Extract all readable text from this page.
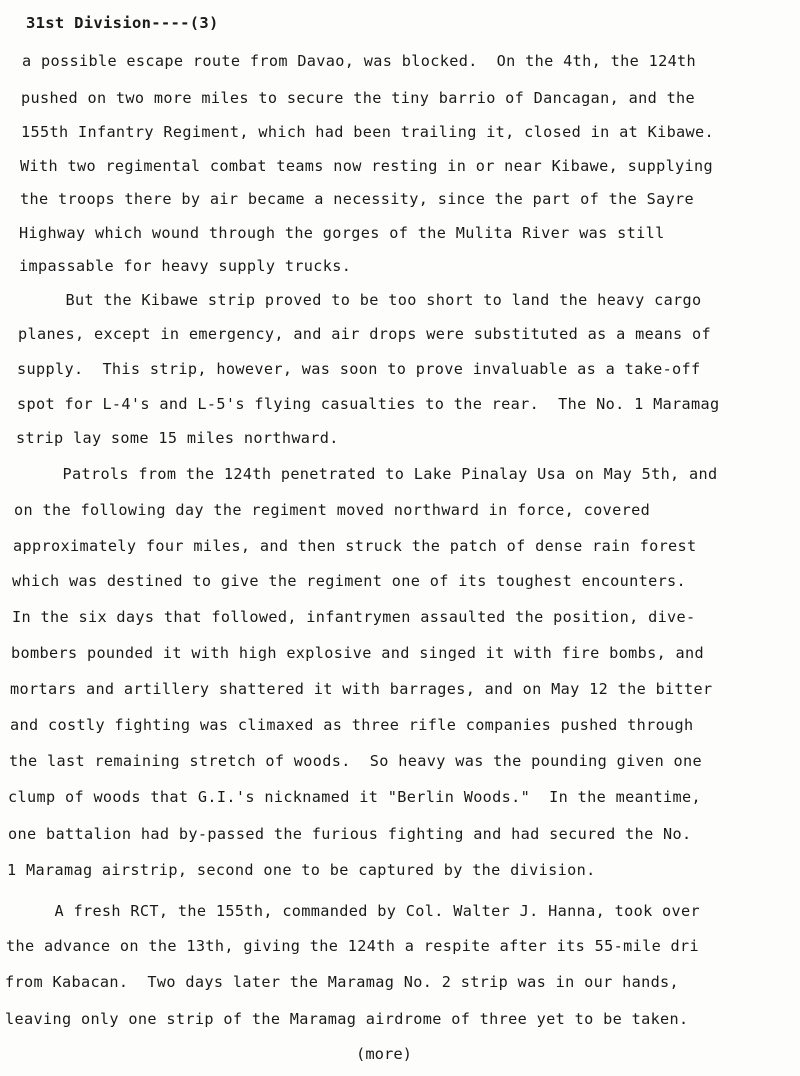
31st Division----(3)
a possible escape route from Davao, was blocked.  On the 4th, the 124th
pushed on two more miles to secure the tiny barrio of Dancagan, and the
155th Infantry Regiment, which had been trailing it, closed in at Kibawe.
With two regimental combat teams now resting in or near Kibawe, supplying
the troops there by air became a necessity, since the part of the Sayre
Highway which wound through the gorges of the Mulita River was still
impassable for heavy supply trucks.
But the Kibawe strip proved to be too short to land the heavy cargo
planes, except in emergency, and air drops were substituted as a means of
supply.  This strip, however, was soon to prove invaluable as a take-off
spot for L-4's and L-5's flying casualties to the rear.  The No. 1 Maramag
strip lay some 15 miles northward.
Patrols from the 124th penetrated to Lake Pinalay Usa on May 5th, and
on the following day the regiment moved northward in force, covered
approximately four miles, and then struck the patch of dense rain forest
which was destined to give the regiment one of its toughest encounters.
In the six days that followed, infantrymen assaulted the position, dive-
bombers pounded it with high explosive and singed it with fire bombs, and
mortars and artillery shattered it with barrages, and on May 12 the bitter
and costly fighting was climaxed as three rifle companies pushed through
the last remaining stretch of woods.  So heavy was the pounding given one
clump of woods that G.I.'s nicknamed it "Berlin Woods."  In the meantime,
one battalion had by-passed the furious fighting and had secured the No.
1 Maramag airstrip, second one to be captured by the division.
A fresh RCT, the 155th, commanded by Col. Walter J. Hanna, took over
the advance on the 13th, giving the 124th a respite after its 55-mile dri
from Kabacan.  Two days later the Maramag No. 2 strip was in our hands,
leaving only one strip of the Maramag airdrome of three yet to be taken.
(more)
